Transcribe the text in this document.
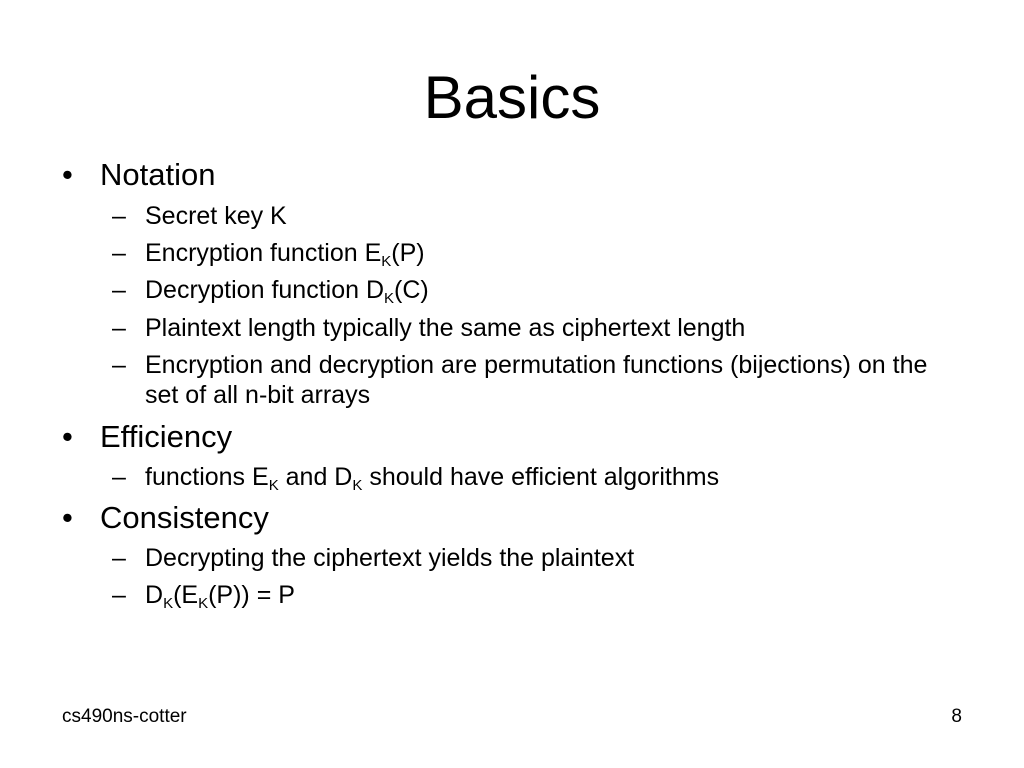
Basics
• Notation
– Secret key K
– Encryption function $E_K(P)$
– Decryption function $D_K(C)$
– Plaintext length typically the same as ciphertext length
– Encryption and decryption are permutation functions (bijections) on the set of all n-bit arrays
• Efficiency
– functions $E_K$ and $D_K$ should have efficient algorithms
• Consistency
– Decrypting the ciphertext yields the plaintext
– $D_K(E_K(P)) = P$
cs490ns-cotter	8
